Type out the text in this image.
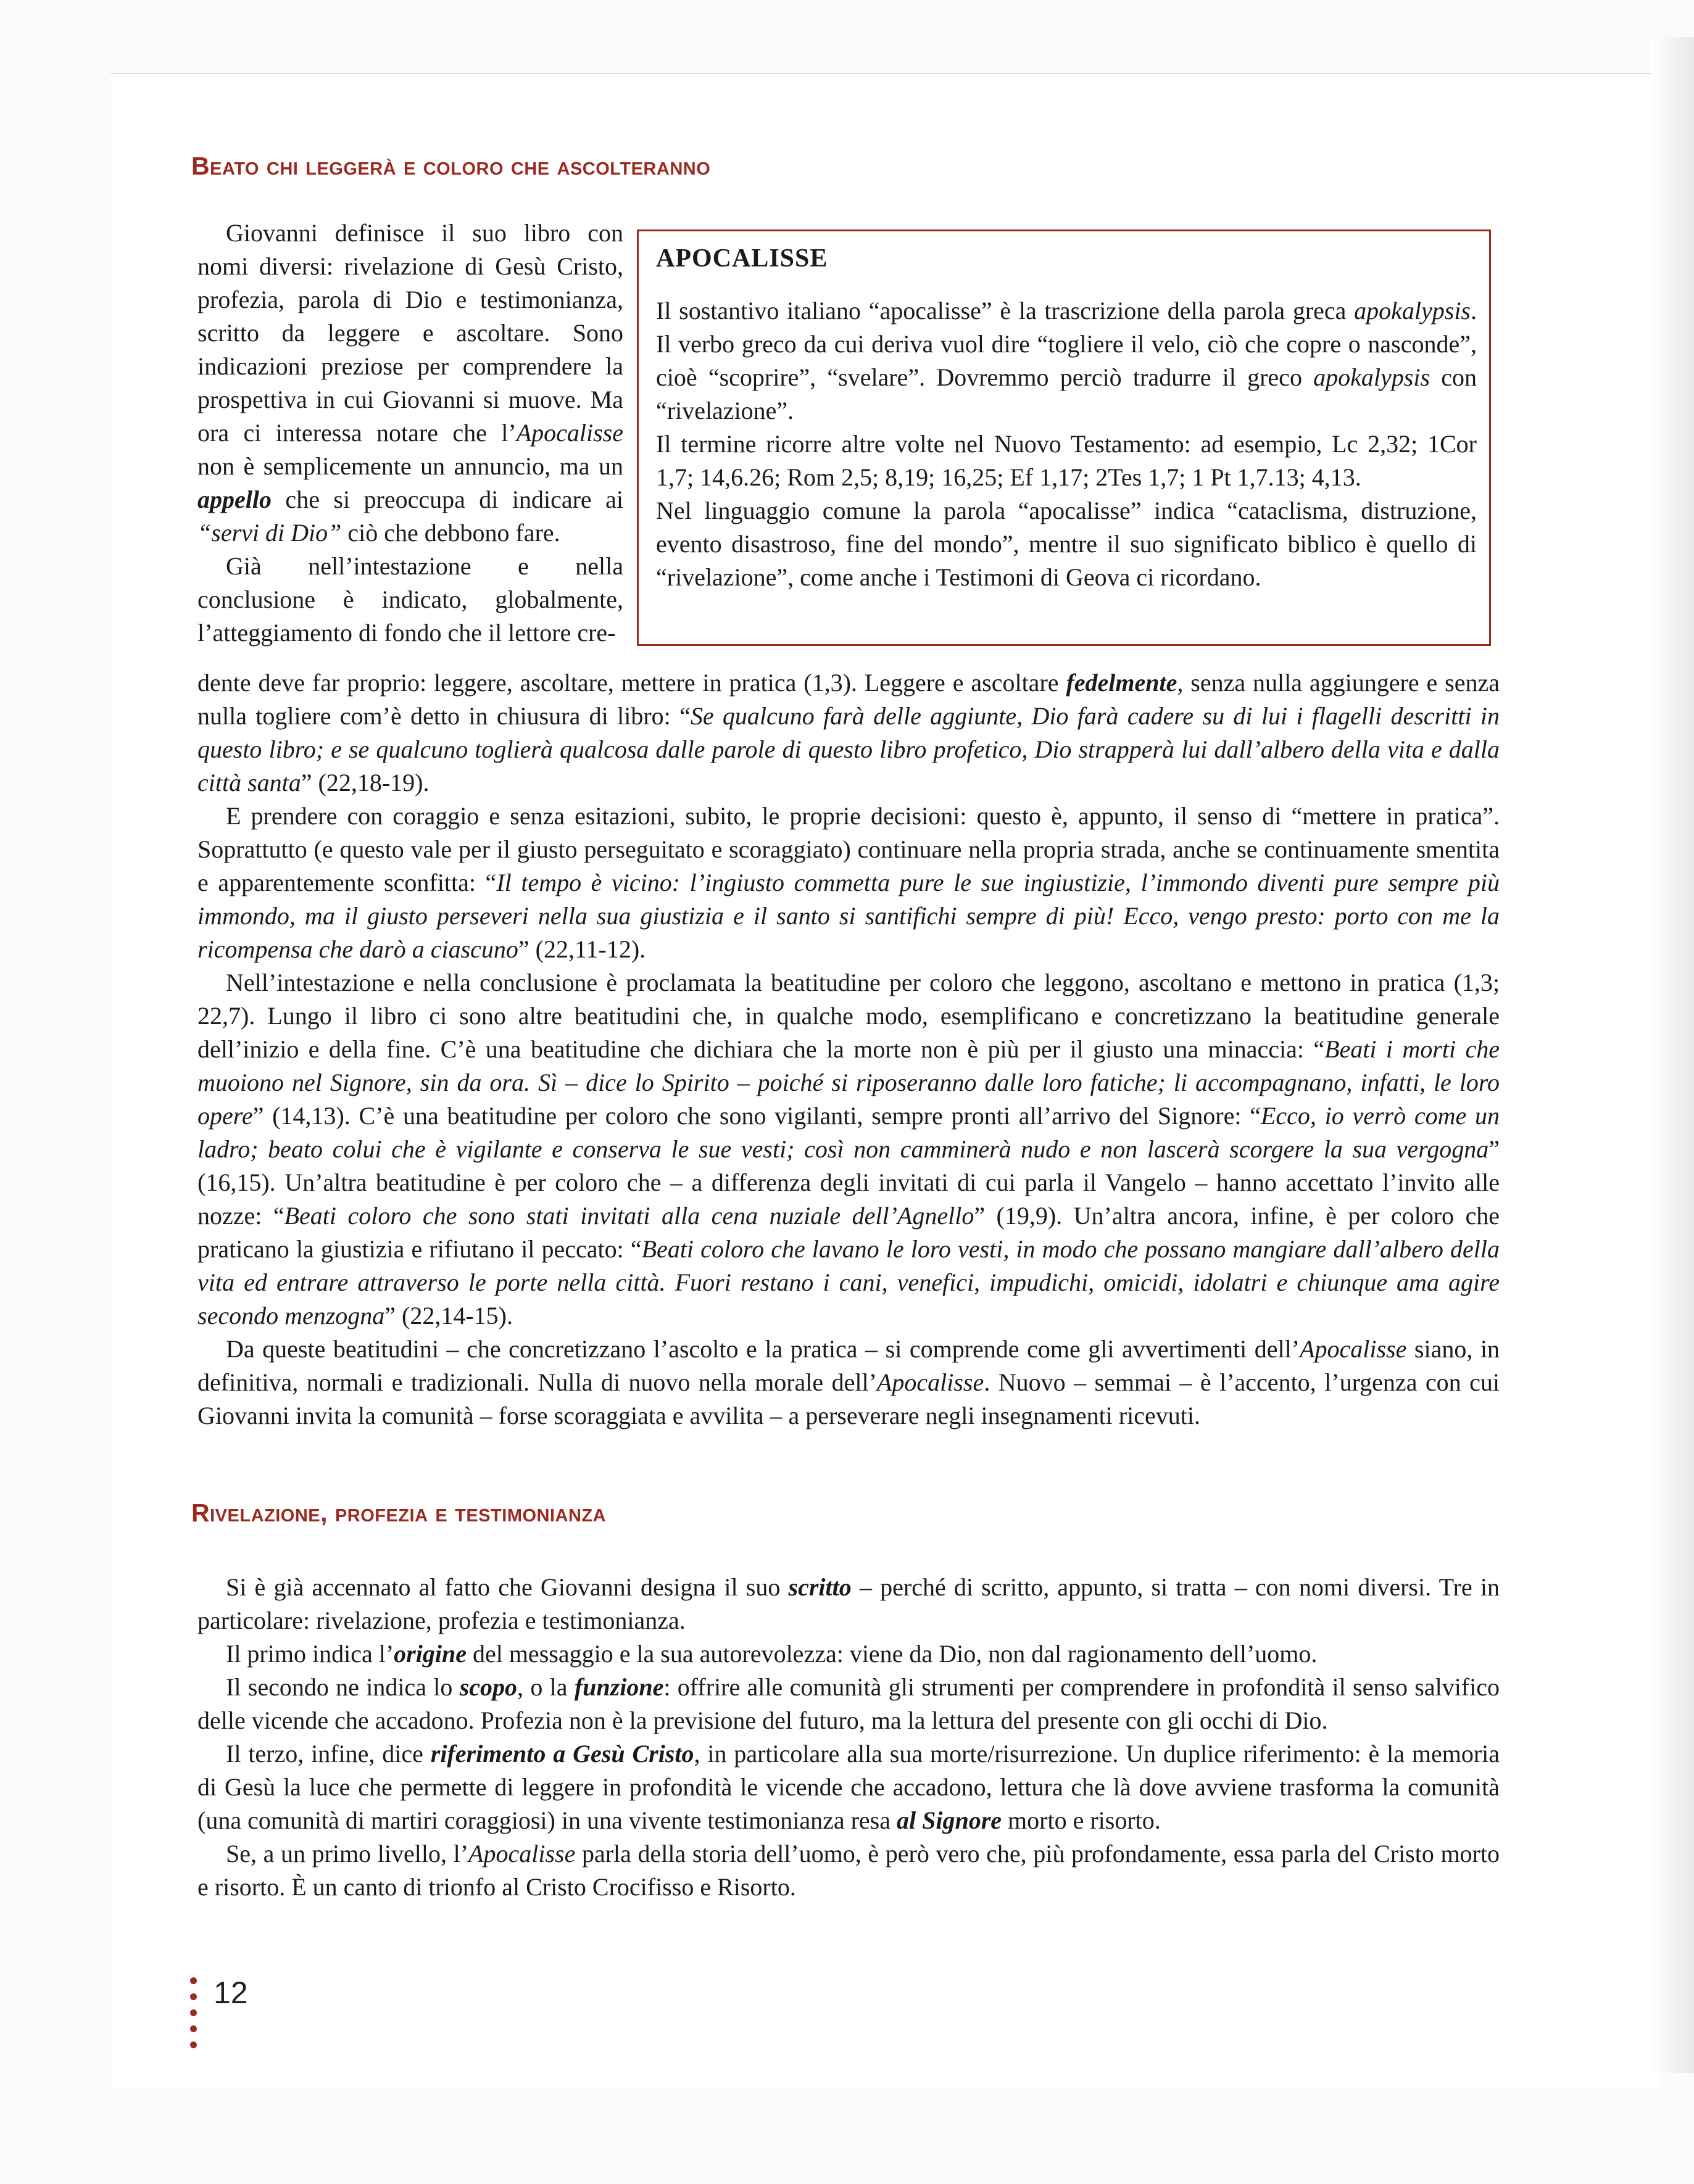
Beato chi leggerà e coloro che ascolteranno

Giovanni definisce il suo libro con nomi diversi: rivelazione di Gesù Cristo, profezia, parola di Dio e testimonianza, scritto da leggere e ascoltare. Sono indicazioni preziose per comprendere la prospettiva in cui Giovanni si muove. Ma ora ci interessa notare che l’Apocalisse non è semplicemente un annuncio, ma un appello che si preoccupa di indicare ai “servi di Dio” ciò che debbono fare.

Già nell’intestazione e nella conclusione è indicato, globalmente, l’atteggiamento di fondo che il lettore cre-

APOCALISSE

Il sostantivo italiano “apocalisse” è la trascrizione della parola greca apokalypsis. Il verbo greco da cui deriva vuol dire “togliere il velo, ciò che copre o nasconde”, cioè “scoprire”, “svelare”. Dovremmo perciò tradurre il greco apokalypsis con “rivelazione”.

Il termine ricorre altre volte nel Nuovo Testamento: ad esempio, Lc 2,32; 1Cor 1,7; 14,6.26; Rom 2,5; 8,19; 16,25; Ef 1,17; 2Tes 1,7; 1 Pt 1,7.13; 4,13.

Nel linguaggio comune la parola “apocalisse” indica “cataclisma, distruzione, evento disastroso, fine del mondo”, mentre il suo significato biblico è quello di “rivelazione”, come anche i Testimoni di Geova ci ricordano.

dente deve far proprio: leggere, ascoltare, mettere in pratica (1,3). Leggere e ascoltare fedelmente, senza nulla aggiungere e senza nulla togliere com’è detto in chiusura di libro: “Se qualcuno farà delle aggiunte, Dio farà cadere su di lui i flagelli descritti in questo libro; e se qualcuno toglierà qualcosa dalle parole di questo libro profetico, Dio strapperà lui dall’albero della vita e dalla città santa” (22,18-19).

E prendere con coraggio e senza esitazioni, subito, le proprie decisioni: questo è, appunto, il senso di “mettere in pratica”. Soprattutto (e questo vale per il giusto perseguitato e scoraggiato) continuare nella propria strada, anche se continuamente smentita e apparentemente sconfitta: “Il tempo è vicino: l’ingiusto commetta pure le sue ingiustizie, l’immondo diventi pure sempre più immondo, ma il giusto perseveri nella sua giustizia e il santo si santifichi sempre di più! Ecco, vengo presto: porto con me la ricompensa che darò a ciascuno” (22,11-12).

Nell’intestazione e nella conclusione è proclamata la beatitudine per coloro che leggono, ascoltano e mettono in pratica (1,3; 22,7). Lungo il libro ci sono altre beatitudini che, in qualche modo, esemplificano e concretizzano la beatitudine generale dell’inizio e della fine. C’è una beatitudine che dichiara che la morte non è più per il giusto una minaccia: “Beati i morti che muoiono nel Signore, sin da ora. Sì – dice lo Spirito – poiché si riposeranno dalle loro fatiche; li accompagnano, infatti, le loro opere” (14,13). C’è una beatitudine per coloro che sono vigilanti, sempre pronti all’arrivo del Signore: “Ecco, io verrò come un ladro; beato colui che è vigilante e conserva le sue vesti; così non camminerà nudo e non lascerà scorgere la sua vergogna” (16,15). Un’altra beatitudine è per coloro che – a differenza degli invitati di cui parla il Vangelo – hanno accettato l’invito alle nozze: “Beati coloro che sono stati invitati alla cena nuziale dell’Agnello” (19,9). Un’altra ancora, infine, è per coloro che praticano la giustizia e rifiutano il peccato: “Beati coloro che lavano le loro vesti, in modo che possano mangiare dall’albero della vita ed entrare attraverso le porte nella città. Fuori restano i cani, venefici, impudichi, omicidi, idolatri e chiunque ama agire secondo menzogna” (22,14-15).

Da queste beatitudini – che concretizzano l’ascolto e la pratica – si comprende come gli avvertimenti dell’Apocalisse siano, in definitiva, normali e tradizionali. Nulla di nuovo nella morale dell’Apocalisse. Nuovo – semmai – è l’accento, l’urgenza con cui Giovanni invita la comunità – forse scoraggiata e avvilita – a perseverare negli insegnamenti ricevuti.

Rivelazione, profezia e testimonianza

Si è già accennato al fatto che Giovanni designa il suo scritto – perché di scritto, appunto, si tratta – con nomi diversi. Tre in particolare: rivelazione, profezia e testimonianza.

Il primo indica l’origine del messaggio e la sua autorevolezza: viene da Dio, non dal ragionamento dell’uomo.

Il secondo ne indica lo scopo, o la funzione: offrire alle comunità gli strumenti per comprendere in profondità il senso salvifico delle vicende che accadono. Profezia non è la previsione del futuro, ma la lettura del presente con gli occhi di Dio.

Il terzo, infine, dice riferimento a Gesù Cristo, in particolare alla sua morte/risurrezione. Un duplice riferimento: è la memoria di Gesù la luce che permette di leggere in profondità le vicende che accadono, lettura che là dove avviene trasforma la comunità (una comunità di martiri coraggiosi) in una vivente testimonianza resa al Signore morto e risorto.

Se, a un primo livello, l’Apocalisse parla della storia dell’uomo, è però vero che, più profondamente, essa parla del Cristo morto e risorto. È un canto di trionfo al Cristo Crocifisso e Risorto.

12
